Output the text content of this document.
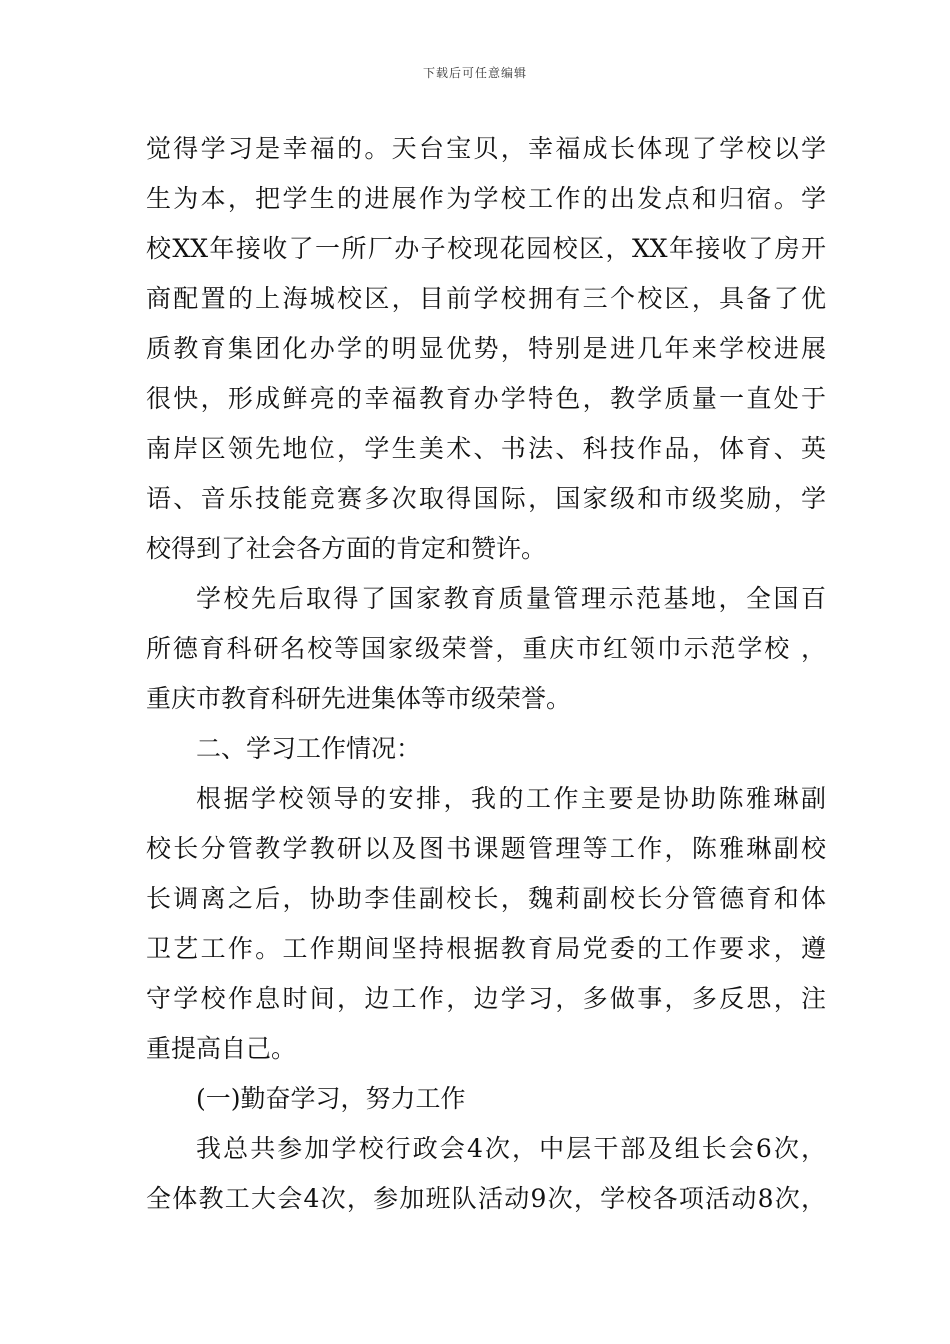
下载后可任意编辑
觉得学习是幸福的。天台宝贝，幸福成长体现了学校以学
生为本，把学生的进展作为学校工作的出发点和归宿。学
校XX年接收了一所厂办子校现花园校区，XX年接收了房开
商配置的上海城校区，目前学校拥有三个校区，具备了优
质教育集团化办学的明显优势，特别是进几年来学校进展
很快，形成鲜亮的幸福教育办学特色，教学质量一直处于
南岸区领先地位，学生美术、书法、科技作品，体育、英
语、音乐技能竞赛多次取得国际，国家级和市级奖励，学
校得到了社会各方面的肯定和赞许。
学校先后取得了国家教育质量管理示范基地，全国百
所德育科研名校等国家级荣誉，重庆市红领巾示范学校 ，
重庆市教育科研先进集体等市级荣誉。
二、学习工作情况：
根据学校领导的安排，我的工作主要是协助陈雅琳副
校长分管教学教研以及图书课题管理等工作，陈雅琳副校
长调离之后，协助李佳副校长，魏莉副校长分管德育和体
卫艺工作。工作期间坚持根据教育局党委的工作要求，遵
守学校作息时间，边工作，边学习，多做事，多反思，注
重提高自己。
(一)勤奋学习，努力工作
我总共参加学校行政会4次，中层干部及组长会6次，
全体教工大会4次，参加班队活动9次，学校各项活动8次，
